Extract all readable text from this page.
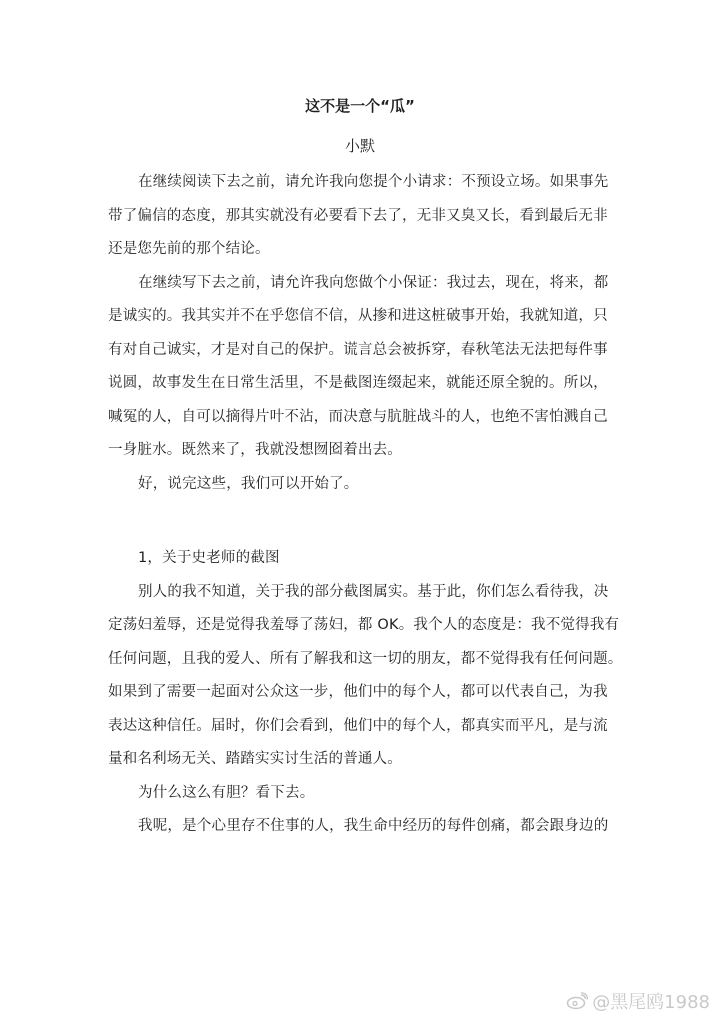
这不是一个“瓜”
小默
在继续阅读下去之前，请允许我向您提个小请求：不预设立场。如果事先
带了偏信的态度，那其实就没有必要看下去了，无非又臭又长，看到最后无非
还是您先前的那个结论。
在继续写下去之前，请允许我向您做个小保证：我过去，现在，将来，都
是诚实的。我其实并不在乎您信不信，从掺和进这桩破事开始，我就知道，只
有对自己诚实，才是对自己的保护。谎言总会被拆穿，春秋笔法无法把每件事
说圆，故事发生在日常生活里，不是截图连缀起来，就能还原全貌的。所以，
喊冤的人，自可以摘得片叶不沾，而决意与肮脏战斗的人，也绝不害怕溅自己
一身脏水。既然来了，我就没想囫囵着出去。
好，说完这些，我们可以开始了。
1，关于史老师的截图
别人的我不知道，关于我的部分截图属实。基于此，你们怎么看待我，决
定荡妇羞辱，还是觉得我羞辱了荡妇，都 OK。我个人的态度是：我不觉得我有
任何问题，且我的爱人、所有了解我和这一切的朋友，都不觉得我有任何问题。
如果到了需要一起面对公众这一步，他们中的每个人，都可以代表自己，为我
表达这种信任。届时，你们会看到，他们中的每个人，都真实而平凡，是与流
量和名利场无关、踏踏实实讨生活的普通人。
为什么这么有胆？看下去。
我呢，是个心里存不住事的人，我生命中经历的每件创痛，都会跟身边的
@黑尾鸥1988
